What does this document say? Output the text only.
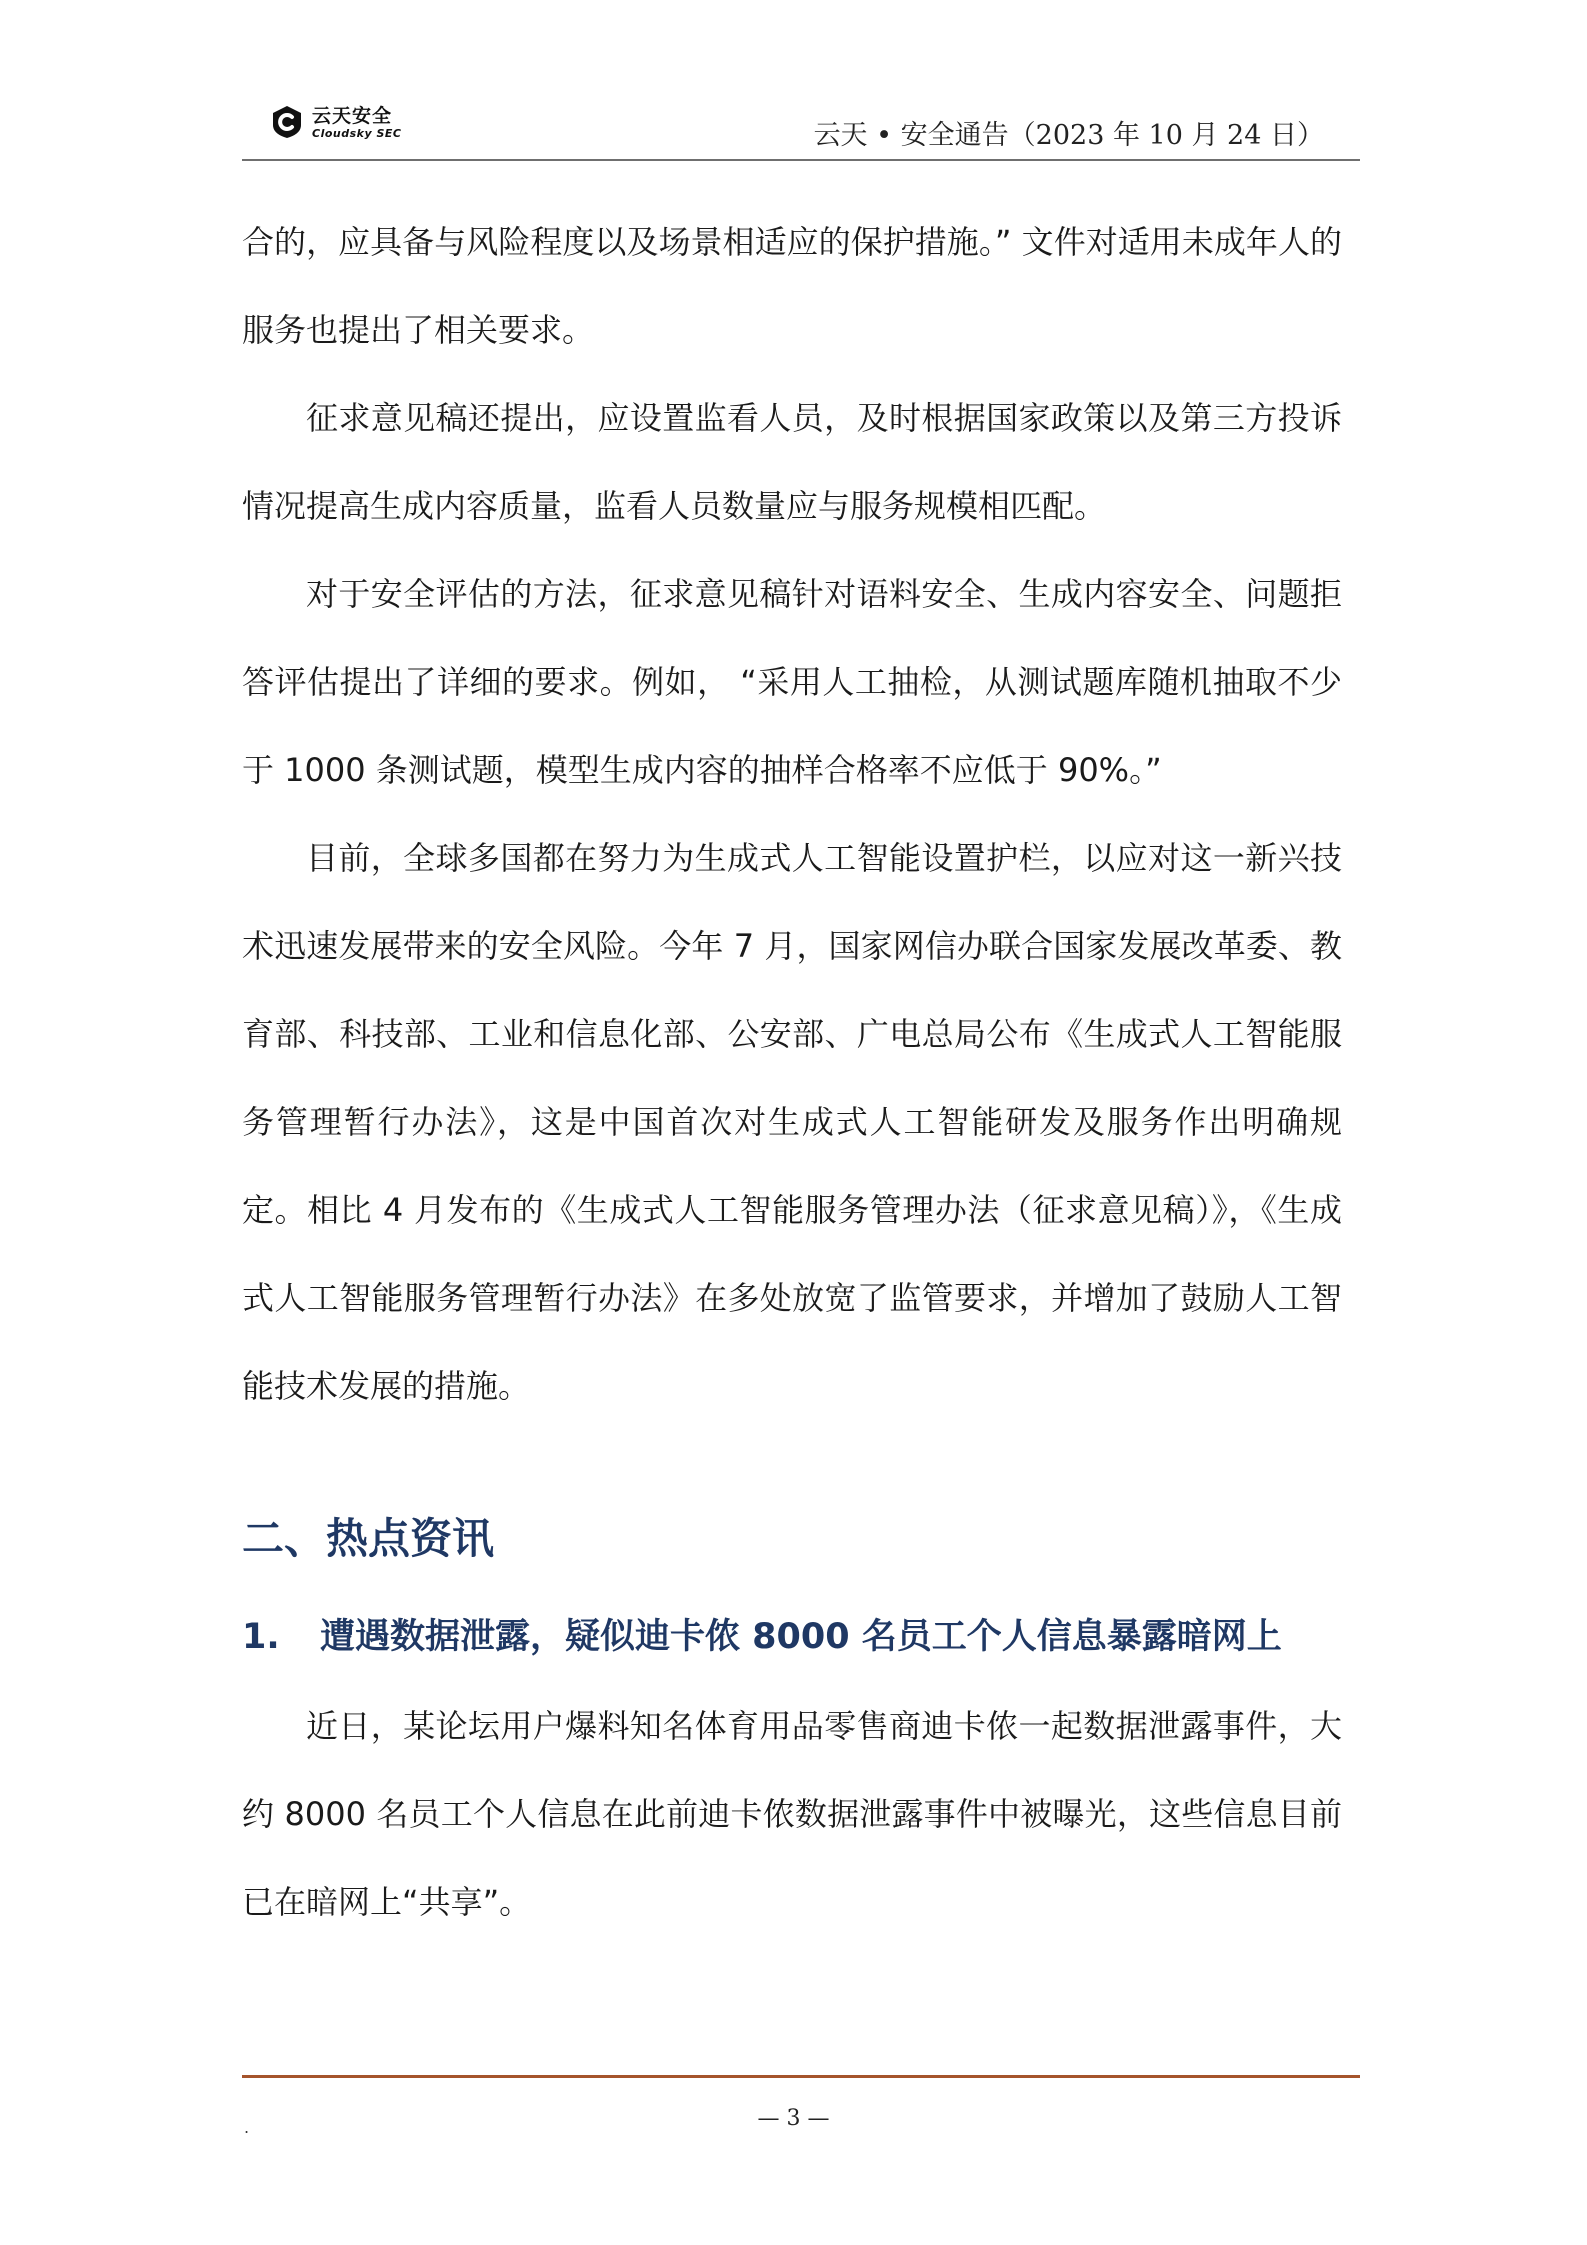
云天安全
Cloudsky SEC	云天 • 安全通告（2023 年 10 月 24 日）

合的，应具备与风险程度以及场景相适应的保护措施。” 文件对适用未成年人的服务也提出了相关要求。

征求意见稿还提出，应设置监看人员，及时根据国家政策以及第三方投诉情况提高生成内容质量，监看人员数量应与服务规模相匹配。

对于安全评估的方法，征求意见稿针对语料安全、生成内容安全、问题拒答评估提出了详细的要求。例如， “采用人工抽检，从测试题库随机抽取不少于 1000 条测试题，模型生成内容的抽样合格率不应低于 90%。”

目前，全球多国都在努力为生成式人工智能设置护栏，以应对这一新兴技术迅速发展带来的安全风险。今年 7 月，国家网信办联合国家发展改革委、教育部、科技部、工业和信息化部、公安部、广电总局公布《生成式人工智能服务管理暂行办法》，这是中国首次对生成式人工智能研发及服务作出明确规定。相比 4 月发布的《生成式人工智能服务管理办法（征求意见稿）》，《生成式人工智能服务管理暂行办法》在多处放宽了监管要求，并增加了鼓励人工智能技术发展的措施。

二、热点资讯
1. 遭遇数据泄露，疑似迪卡侬 8000 名员工个人信息暴露暗网上

近日，某论坛用户爆料知名体育用品零售商迪卡侬一起数据泄露事件，大约 8000 名员工个人信息在此前迪卡侬数据泄露事件中被曝光，这些信息目前已在暗网上“共享”。

.	— 3 —
